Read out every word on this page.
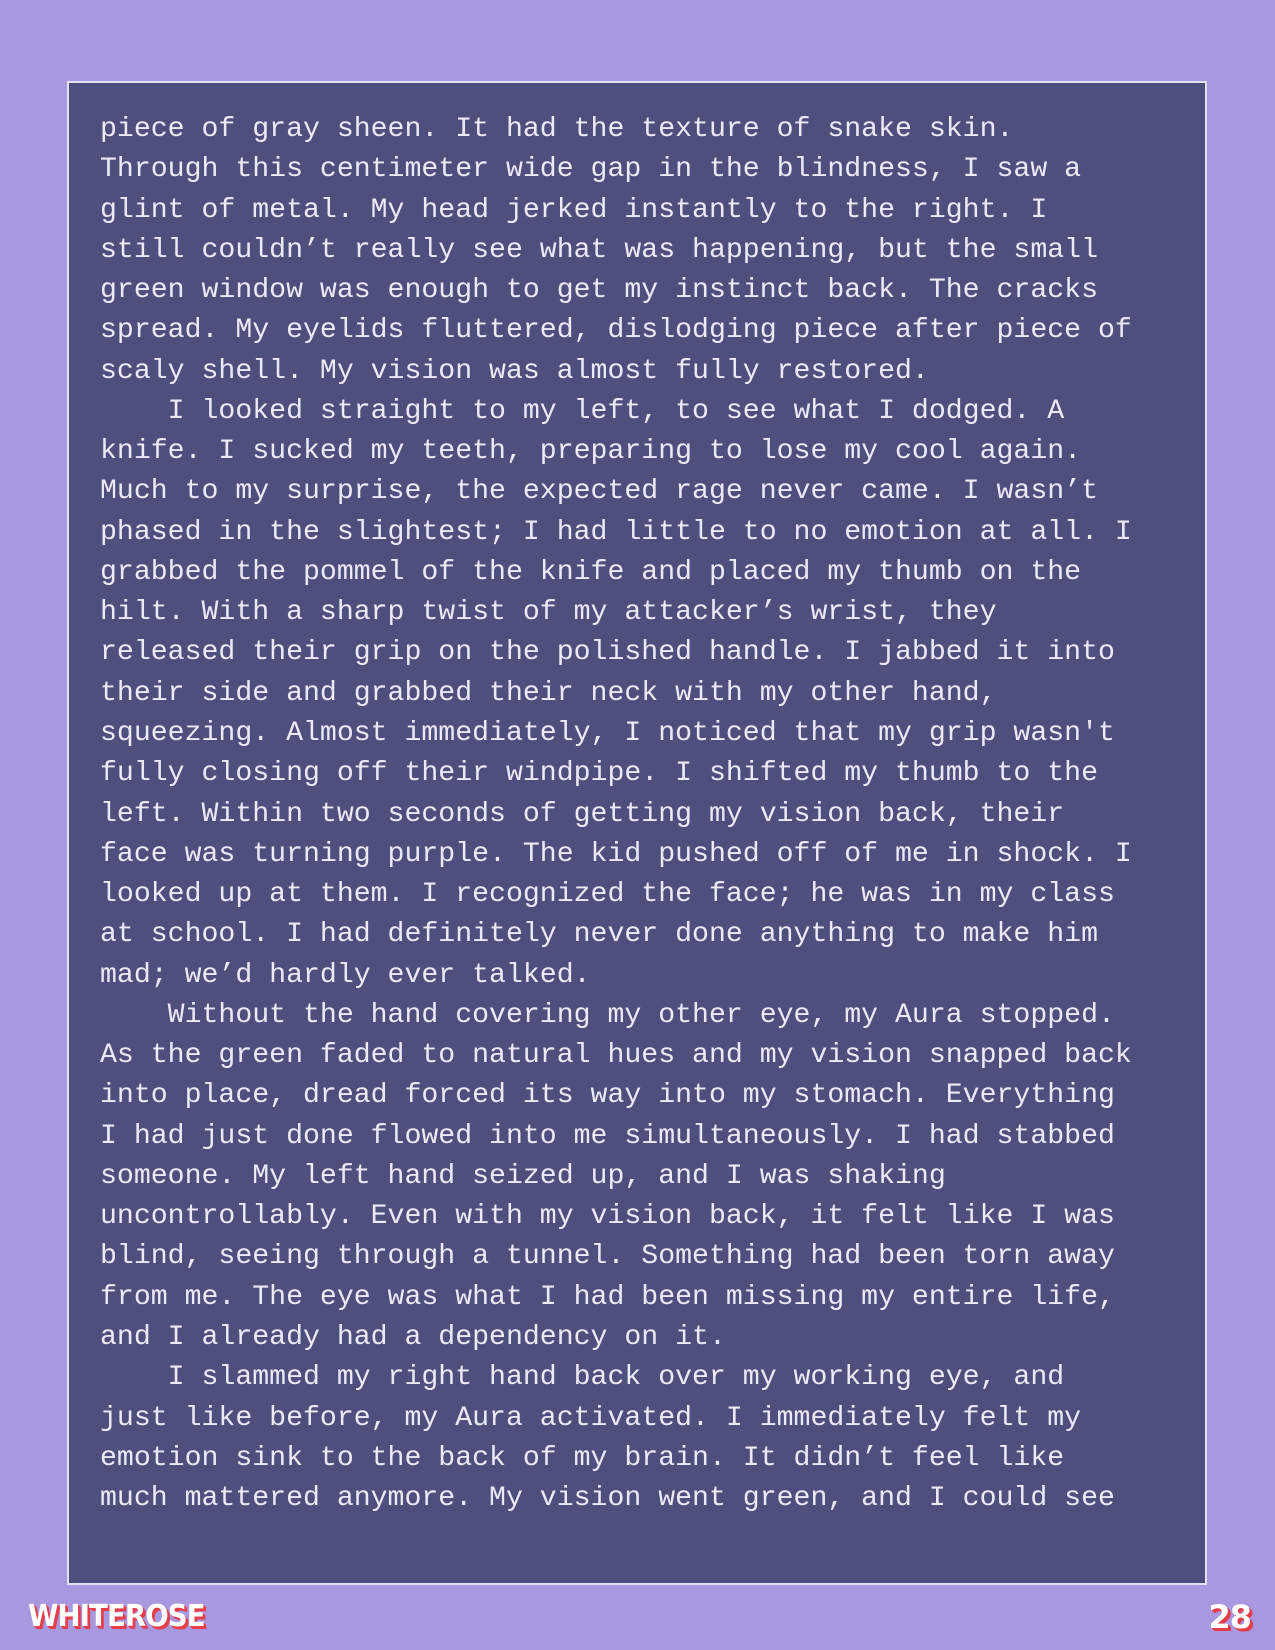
piece of gray sheen. It had the texture of snake skin.
Through this centimeter wide gap in the blindness, I saw a
glint of metal. My head jerked instantly to the right. I
still couldn’t really see what was happening, but the small
green window was enough to get my instinct back. The cracks
spread. My eyelids fluttered, dislodging piece after piece of
scaly shell. My vision was almost fully restored.
I looked straight to my left, to see what I dodged. A
knife. I sucked my teeth, preparing to lose my cool again.
Much to my surprise, the expected rage never came. I wasn’t
phased in the slightest; I had little to no emotion at all. I
grabbed the pommel of the knife and placed my thumb on the
hilt. With a sharp twist of my attacker’s wrist, they
released their grip on the polished handle. I jabbed it into
their side and grabbed their neck with my other hand,
squeezing. Almost immediately, I noticed that my grip wasn't
fully closing off their windpipe. I shifted my thumb to the
left. Within two seconds of getting my vision back, their
face was turning purple. The kid pushed off of me in shock. I
looked up at them. I recognized the face; he was in my class
at school. I had definitely never done anything to make him
mad; we’d hardly ever talked.
Without the hand covering my other eye, my Aura stopped.
As the green faded to natural hues and my vision snapped back
into place, dread forced its way into my stomach. Everything
I had just done flowed into me simultaneously. I had stabbed
someone. My left hand seized up, and I was shaking
uncontrollably. Even with my vision back, it felt like I was
blind, seeing through a tunnel. Something had been torn away
from me. The eye was what I had been missing my entire life,
and I already had a dependency on it.
I slammed my right hand back over my working eye, and
just like before, my Aura activated. I immediately felt my
emotion sink to the back of my brain. It didn’t feel like
much mattered anymore. My vision went green, and I could see
WHITEROSE	28
